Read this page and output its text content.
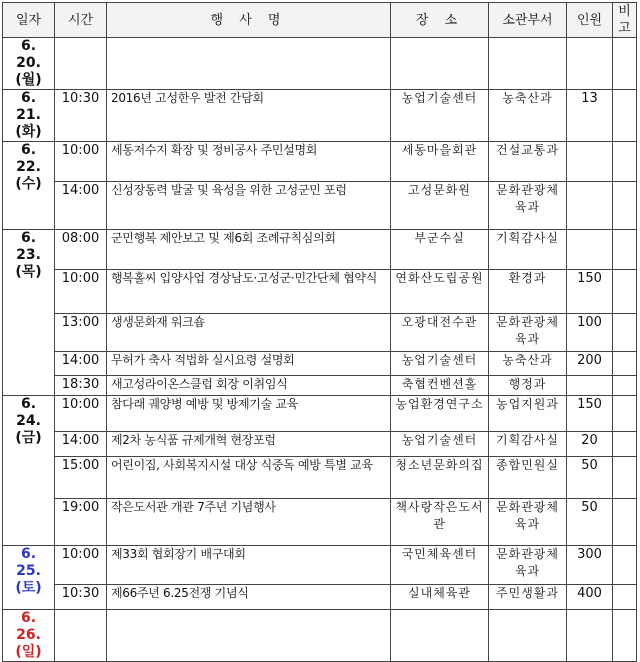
일자	시간	행 사 명	장 소	소관부서	인원	비고

6. 20.
(월)						

6. 21.
(화)	10:30	2016년 고성한우 발전 간담회	농업기술센터	농축산과	13	

6. 22.
(수)	10:00	세동저수지 확장 및 정비공사 주민설명회	세동마을회관	건설교통과		
	14:00	신성장동력 발굴 및 육성을 위한 고성군민 포럼	고성문화원	문화관광체육과		

6. 23.
(목)	08:00	군민행복 제안보고 및 제6회 조례규칙심의회	부군수실	기획감사실		
	10:00	행복홀씨 입양사업 경상남도·고성군·민간단체 협약식	연화산도립공원	환경과	150	
	13:00	생생문화재 워크숍	오광대전수관	문화관광체육과	100	
	14:00	무허가 축사 적법화 실시요령 설명회	농업기술센터	농축산과	200	
	18:30	새고성라이온스클럽 회장 이취임식	축협컨벤션홀	행정과		

6. 24.
(금)	10:00	참다래 궤양병 예방 및 방제기술 교육	농업환경연구소	농업지원과	150	
	14:00	제2차 농식품 규제개혁 현장포럼	농업기술센터	기획감사실	20	
	15:00	어린이집, 사회복지시설 대상 식중독 예방 특별 교육	청소년문화의집	종합민원실	50	
	19:00	작은도서관 개관 7주년 기념행사	책사랑작은도서관	문화관광체육과	50	

6. 25.
(토)	10:00	제33회 협회장기 배구대회	국민체육센터	문화관광체육과	300	
	10:30	제66주년 6.25전쟁 기념식	실내체육관	주민생활과	400	

6. 26.
(일)						
